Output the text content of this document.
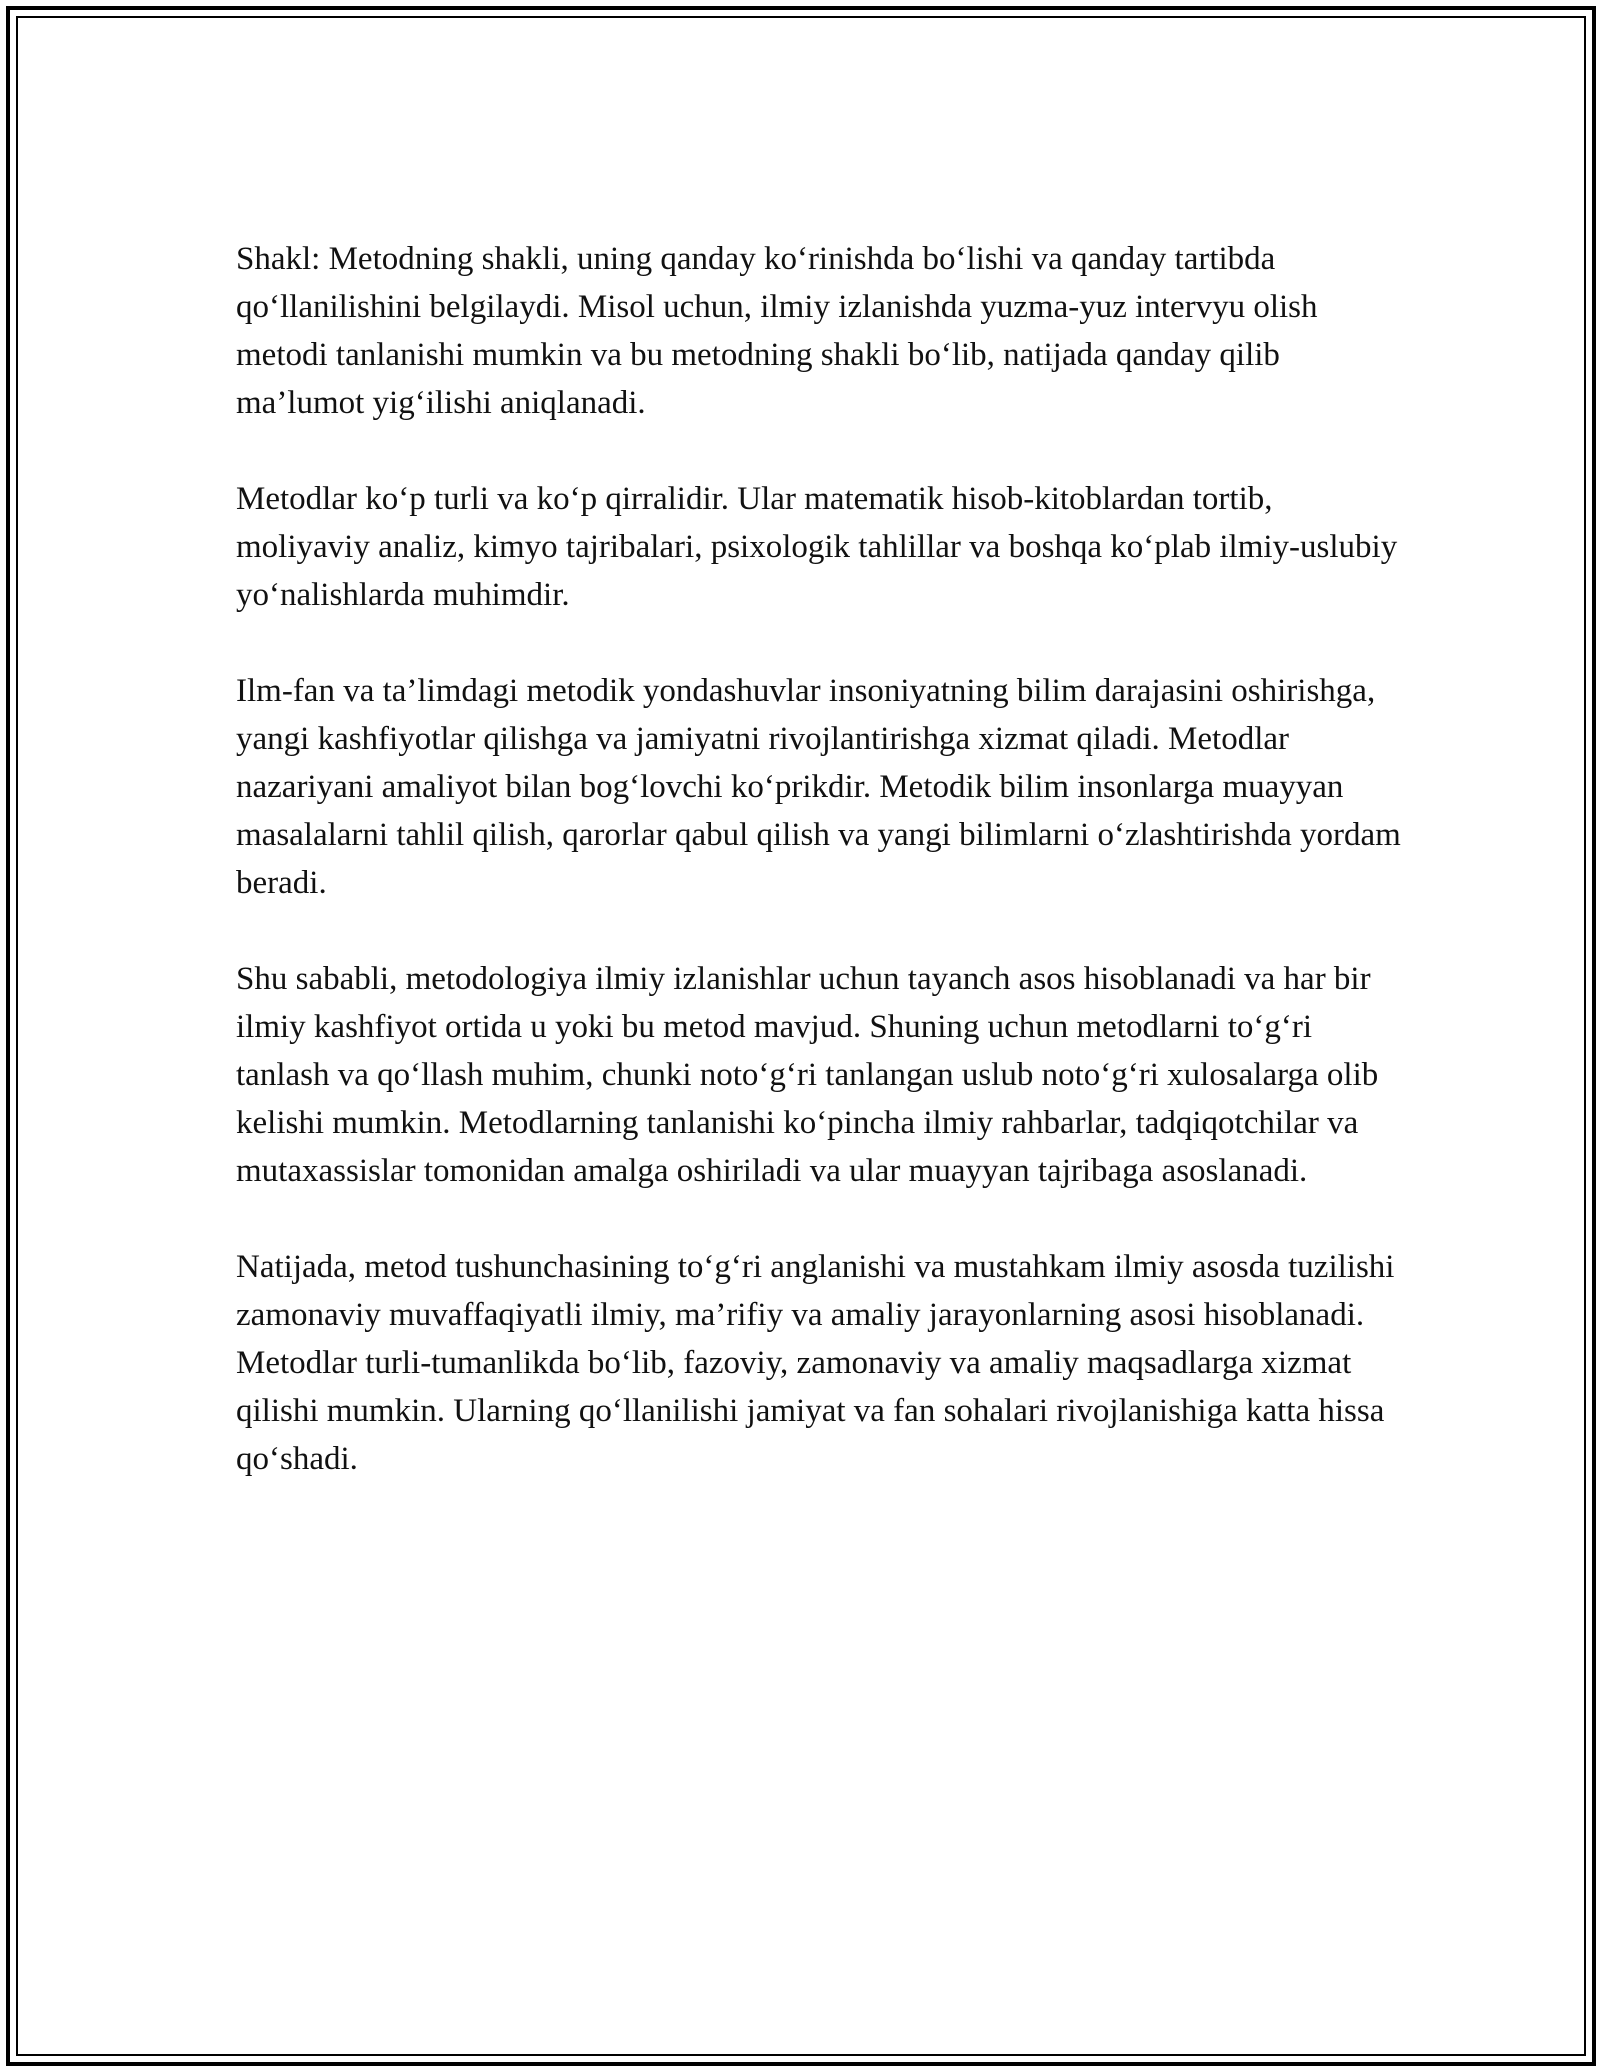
Shakl: Metodning shakli, uning qanday ko‘rinishda bo‘lishi va qanday tartibda qo‘llanilishini belgilaydi. Misol uchun, ilmiy izlanishda yuzma-yuz intervyu olish metodi tanlanishi mumkin va bu metodning shakli bo‘lib, natijada qanday qilib ma’lumot yig‘ilishi aniqlanadi.

Metodlar ko‘p turli va ko‘p qirralidir. Ular matematik hisob-kitoblardan tortib, moliyaviy analiz, kimyo tajribalari, psixologik tahlillar va boshqa ko‘plab ilmiy-uslubiy yo‘nalishlarda muhimdir.

Ilm-fan va ta’limdagi metodik yondashuvlar insoniyatning bilim darajasini oshirishga, yangi kashfiyotlar qilishga va jamiyatni rivojlantirishga xizmat qiladi. Metodlar nazariyani amaliyot bilan bog‘lovchi ko‘prikdir. Metodik bilim insonlarga muayyan masalalarni tahlil qilish, qarorlar qabul qilish va yangi bilimlarni o‘zlashtirishda yordam beradi.

Shu sababli, metodologiya ilmiy izlanishlar uchun tayanch asos hisoblanadi va har bir ilmiy kashfiyot ortida u yoki bu metod mavjud. Shuning uchun metodlarni to‘g‘ri tanlash va qo‘llash muhim, chunki noto‘g‘ri tanlangan uslub noto‘g‘ri xulosalarga olib kelishi mumkin. Metodlarning tanlanishi ko‘pincha ilmiy rahbarlar, tadqiqotchilar va mutaxassislar tomonidan amalga oshiriladi va ular muayyan tajribaga asoslanadi.

Natijada, metod tushunchasining to‘g‘ri anglanishi va mustahkam ilmiy asosda tuzilishi zamonaviy muvaffaqiyatli ilmiy, ma’rifiy va amaliy jarayonlarning asosi hisoblanadi. Metodlar turli-tumanlikda bo‘lib, fazoviy, zamonaviy va amaliy maqsadlarga xizmat qilishi mumkin. Ularning qo‘llanilishi jamiyat va fan sohalari rivojlanishiga katta hissa qo‘shadi.
